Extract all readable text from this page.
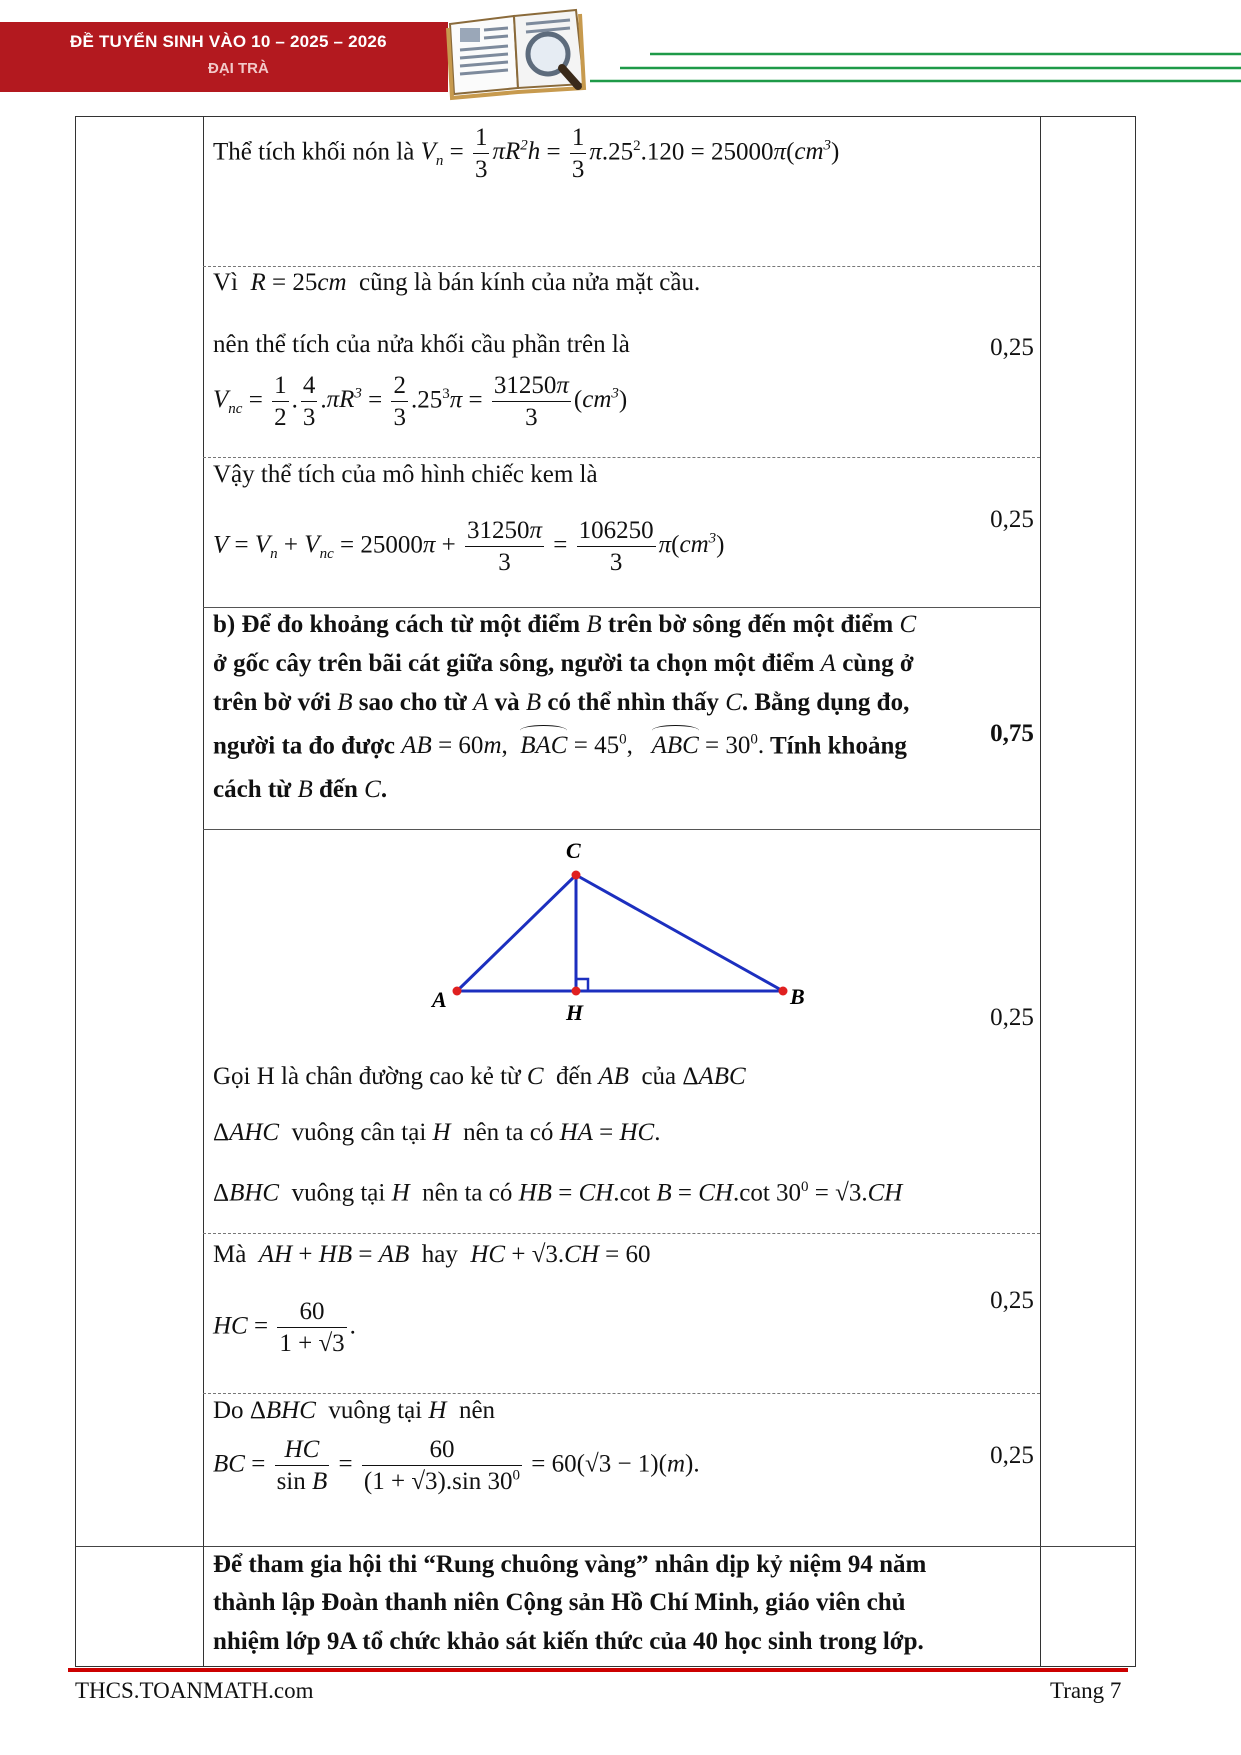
ĐỀ TUYỂN SINH VÀO 10 – 2025 – 2026
ĐẠI TRÀ
Thể tích khối nón là $V_n = \frac{1}{3} \pi R^2h = \frac{1}{3} \pi.25^2.120 = 25000\pi(cm^3)$
Vì R = 25cm cũng là bán kính của nửa mặt cầu.
nên thể tích của nửa khối cầu phần trên là
$V_{nc} = \frac{1}{2}$ . $\frac{4}{3} .\pi R^3 = \frac{2}{3} .25^3\pi = \frac{31250\pi}{3} (cm^3)$
0,25
Vậy thể tích của mô hình chiếc kem là
$V = V_n + V_{nc} = 25000\pi + \frac{31250\pi}{3} = \frac{106250}{3} \pi(cm^3)$
0,25
b) Để đo khoảng cách từ một điểm B trên bờ sông đến một điểm C
ở gốc cây trên bãi cát giữa sông, người ta chọn một điểm A cùng ở
trên bờ với B sao cho từ A và B có thể nhìn thấy C. Bằng dụng đo,
người ta đo được AB = 60m,  BAC = $45^0$,   ABC = $30^0$. Tính khoảng
cách từ B đến C.
0,75
A	B
C
H
Gọi H là chân đường cao kẻ từ C đến AB của ΔABC
ΔAHC vuông cân tại H nên ta có HA = HC.
ΔBHC vuông tại H nên ta có HB = CH.cot B = CH.cot $30^0 = √3.CH$
0,25
Mà AH + HB = AB hay HC + √3.CH = 60
HC = $\frac{60}{1 + √3}$ .
0,25
Do ΔBHC vuông tại H nên
BC = $\frac{HC}{\text{sin B}} = \frac{60}{(1 + √3).\sin 30^0} = 60(√3 - 1)(m)$.	0,25
Để tham gia hội thi “Rung chuông vàng” nhân dịp kỷ niệm 94 năm
thành lập Đoàn thanh niên Cộng sản Hồ Chí Minh, giáo viên chủ
nhiệm lớp 9A tổ chức khảo sát kiến thức của 40 học sinh trong lớp.
THCS.TOANMATH.com	Trang 7
